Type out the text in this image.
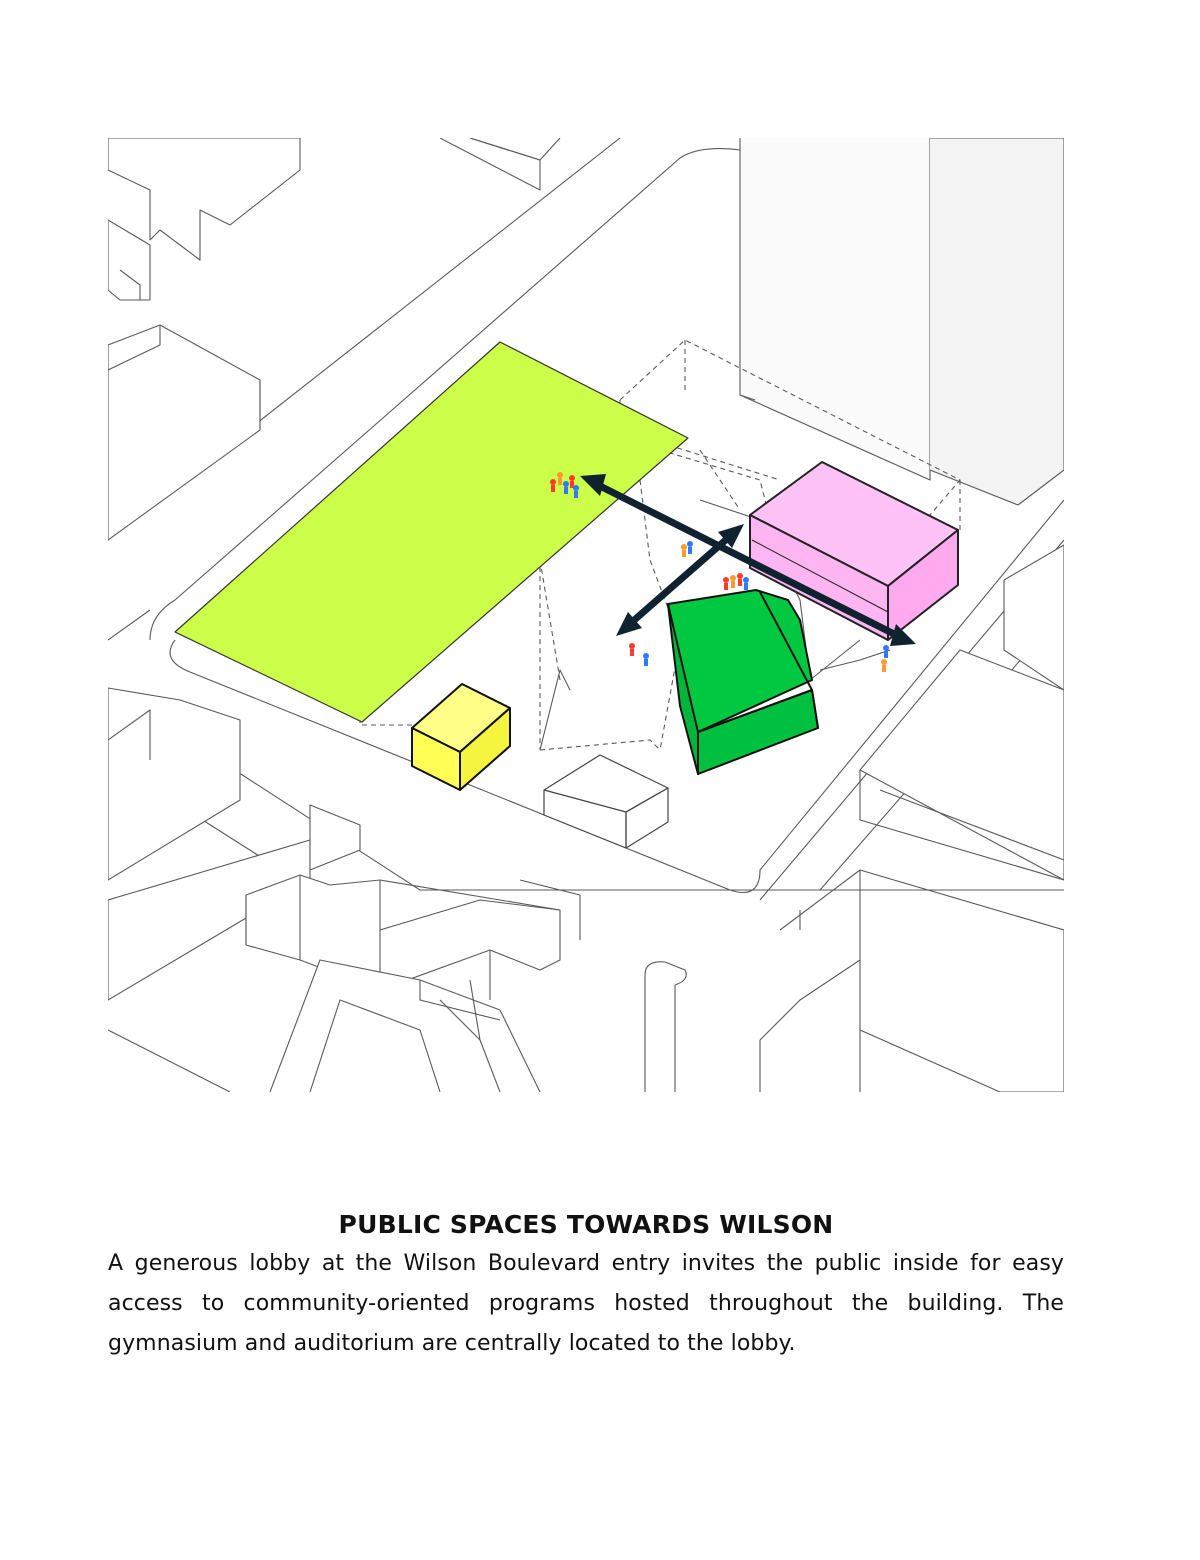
PUBLIC SPACES TOWARDS WILSON

A generous lobby at the Wilson Boulevard entry invites the public inside for easy access to community-oriented programs hosted throughout the building. The gymnasium and auditorium are centrally located to the lobby.
